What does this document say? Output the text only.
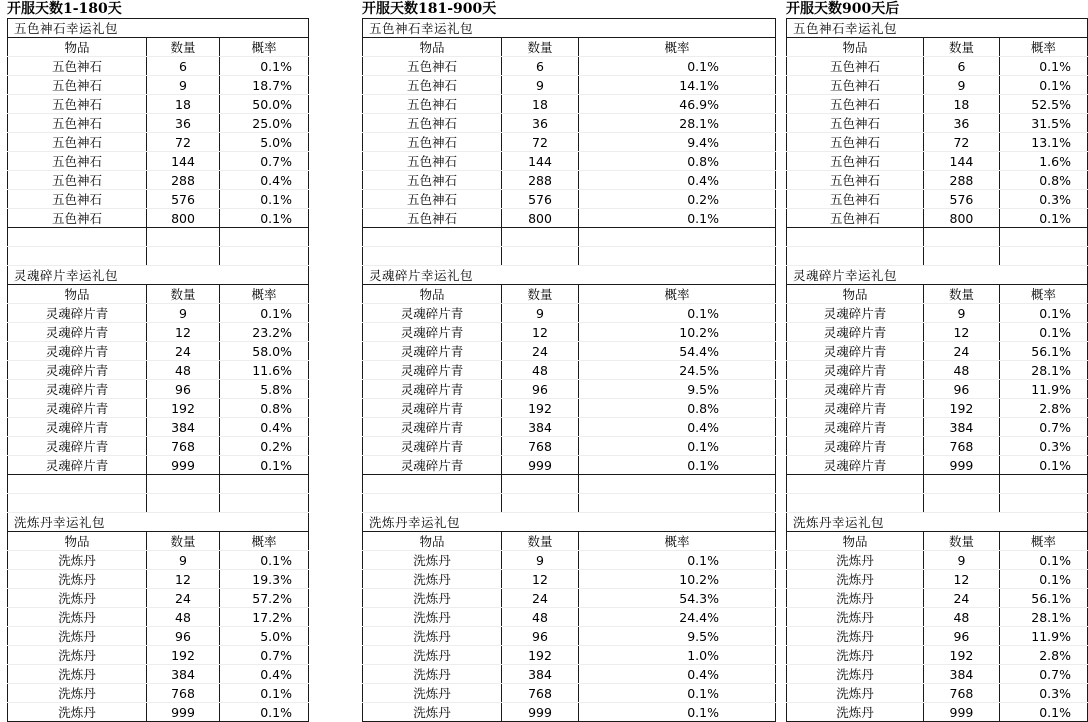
开服天数1-180天
五色神石幸运礼包		
物品	数量	概率
五色神石	6	0.1%
五色神石	9	18.7%
五色神石	18	50.0%
五色神石	36	25.0%
五色神石	72	5.0%
五色神石	144	0.7%
五色神石	288	0.4%
五色神石	576	0.1%
五色神石	800	0.1%

灵魂碎片幸运礼包		
物品	数量	概率
灵魂碎片青	9	0.1%
灵魂碎片青	12	23.2%
灵魂碎片青	24	58.0%
灵魂碎片青	48	11.6%
灵魂碎片青	96	5.8%
灵魂碎片青	192	0.8%
灵魂碎片青	384	0.4%
灵魂碎片青	768	0.2%
灵魂碎片青	999	0.1%

洗炼丹幸运礼包		
物品	数量	概率
洗炼丹	9	0.1%
洗炼丹	12	19.3%
洗炼丹	24	57.2%
洗炼丹	48	17.2%
洗炼丹	96	5.0%
洗炼丹	192	0.7%
洗炼丹	384	0.4%
洗炼丹	768	0.1%
洗炼丹	999	0.1%
开服天数181-900天
五色神石幸运礼包		
物品	数量	概率
五色神石	6	0.1%
五色神石	9	14.1%
五色神石	18	46.9%
五色神石	36	28.1%
五色神石	72	9.4%
五色神石	144	0.8%
五色神石	288	0.4%
五色神石	576	0.2%
五色神石	800	0.1%

灵魂碎片幸运礼包		
物品	数量	概率
灵魂碎片青	9	0.1%
灵魂碎片青	12	10.2%
灵魂碎片青	24	54.4%
灵魂碎片青	48	24.5%
灵魂碎片青	96	9.5%
灵魂碎片青	192	0.8%
灵魂碎片青	384	0.4%
灵魂碎片青	768	0.1%
灵魂碎片青	999	0.1%

洗炼丹幸运礼包		
物品	数量	概率
洗炼丹	9	0.1%
洗炼丹	12	10.2%
洗炼丹	24	54.3%
洗炼丹	48	24.4%
洗炼丹	96	9.5%
洗炼丹	192	1.0%
洗炼丹	384	0.4%
洗炼丹	768	0.1%
洗炼丹	999	0.1%
开服天数900天后
五色神石幸运礼包		
物品	数量	概率
五色神石	6	0.1%
五色神石	9	0.1%
五色神石	18	52.5%
五色神石	36	31.5%
五色神石	72	13.1%
五色神石	144	1.6%
五色神石	288	0.8%
五色神石	576	0.3%
五色神石	800	0.1%

灵魂碎片幸运礼包		
物品	数量	概率
灵魂碎片青	9	0.1%
灵魂碎片青	12	0.1%
灵魂碎片青	24	56.1%
灵魂碎片青	48	28.1%
灵魂碎片青	96	11.9%
灵魂碎片青	192	2.8%
灵魂碎片青	384	0.7%
灵魂碎片青	768	0.3%
灵魂碎片青	999	0.1%

洗炼丹幸运礼包		
物品	数量	概率
洗炼丹	9	0.1%
洗炼丹	12	0.1%
洗炼丹	24	56.1%
洗炼丹	48	28.1%
洗炼丹	96	11.9%
洗炼丹	192	2.8%
洗炼丹	384	0.7%
洗炼丹	768	0.3%
洗炼丹	999	0.1%
